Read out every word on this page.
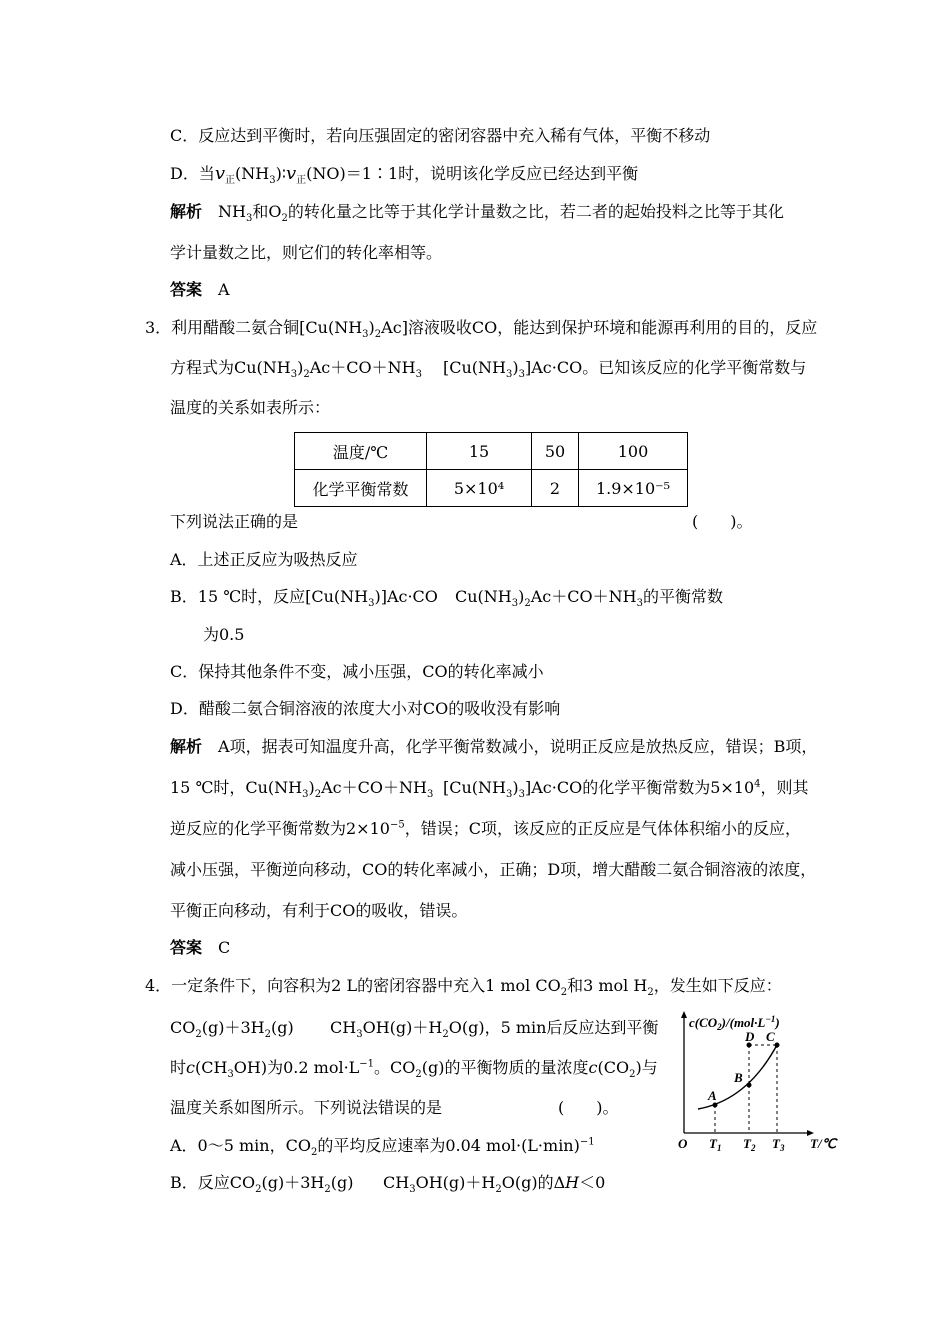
C．反应达到平衡时，若向压强固定的密闭容器中充入稀有气体，平衡不移动
D．当$v_正(NH_3)∶v_正(NO)=1∶1$时，说明该化学反应已经达到平衡
解析　$NH_3$和$O_2$的转化量之比等于其化学计量数之比，若二者的起始投料之比等于其化
学计量数之比，则它们的转化率相等。
答案　 A
3．利用醋酸二氨合铜$[Cu(NH_3)_2Ac]$溶液吸收CO，能达到保护环境和能源再利用的目的，反应
方程式为$Cu(NH_3)_2Ac+CO+NH_3$ $[Cu(NH_3)_3]Ac\cdot CO$。已知该反应的化学平衡常数与
温度的关系如表所示：
温度/℃	15	50	100
化学平衡常数	5×10⁴	2	1.9×10⁻⁵
下列说法正确的是	(　　)。
A．上述正反应为吸热反应
B．15 ℃时，反应$[Cu(NH_3)]Ac\cdot CO$ $Cu(NH_3)_2Ac+CO+NH_3$的平衡常数
为0.5
C．保持其他条件不变，减小压强，CO的转化率减小
D．醋酸二氨合铜溶液的浓度大小对CO的吸收没有影响
解析　 A项，据表可知温度升高，化学平衡常数减小，说明正反应是放热反应，错误；B项，
15 ℃时，$Cu(NH_3)_2Ac+CO+NH_3$ $[Cu(NH_3)_3]Ac\cdot CO$的化学平衡常数为$5\times 10^4$，则其
逆反应的化学平衡常数为$2\times 10^{-5}$，错误；C项，该反应的正反应是气体体积缩小的反应，
减小压强，平衡逆向移动，CO的转化率减小，正确；D项，增大醋酸二氨合铜溶液的浓度，
平衡正向移动，有利于CO的吸收，错误。
答案　 C
4．一定条件下，向容积为2 L的密闭容器中充入1 mol $CO_2$和3 mol $H_2$，发生如下反应：
$CO_2(g)+3H_2(g)$ $CH_3OH(g)+H_2O(g)$，5 min后反应达到平衡
时$c(CH_3OH)$为0.2 $mol\cdot L^{-1}$。$CO_2(g)$的平衡物质的量浓度$c(CO_2)$与
温度关系如图所示。下列说法错误的是	(　　)。
A．0～5 min，$CO_2$的平均反应速率为0.04 $mol\cdot(L\cdot\min)^{-1}$
B．反应$CO_2(g)+3H_2(g)$ $CH_3OH(g)+H_2O(g)$的ΔH＜0
$c(CO_2)/(mol\cdot L^{-1})$
A
B
C
D
O $T_1$ $T_2$ $T_3$ T/℃
